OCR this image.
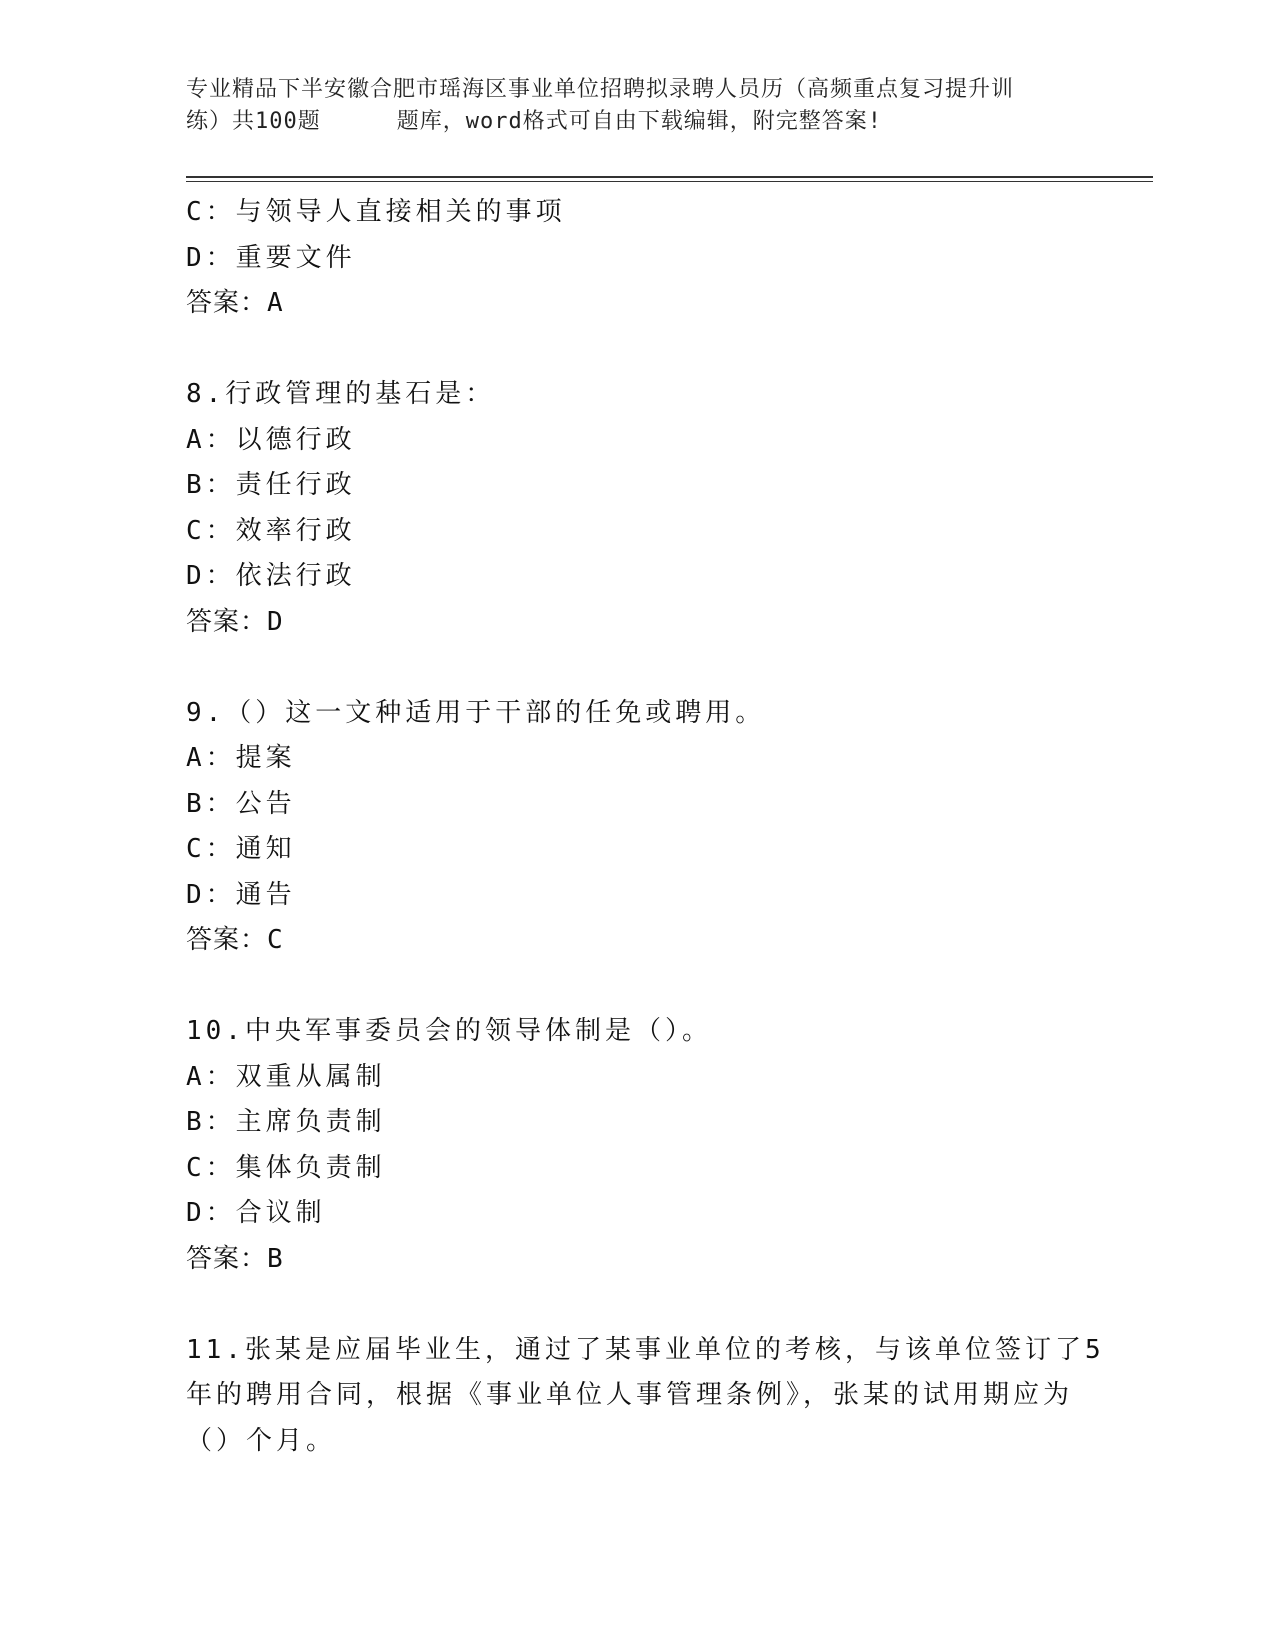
专业精品下半安徽合肥市瑶海区事业单位招聘拟录聘人员历（高频重点复习提升训
练）共100题	题库，word格式可自由下载编辑，附完整答案!
C：与领导人直接相关的事项
D：重要文件
答案：A
8.行政管理的基石是：
A：以德行政
B：责任行政
C：效率行政
D：依法行政
答案：D
9.（）这一文种适用于干部的任免或聘用。
A：提案
B：公告
C：通知
D：通告
答案：C
10.中央军事委员会的领导体制是（）。
A：双重从属制
B：主席负责制
C：集体负责制
D：合议制
答案：B
11.张某是应届毕业生，通过了某事业单位的考核，与该单位签订了5
年的聘用合同，根据《事业单位人事管理条例》，张某的试用期应为
（）个月。
